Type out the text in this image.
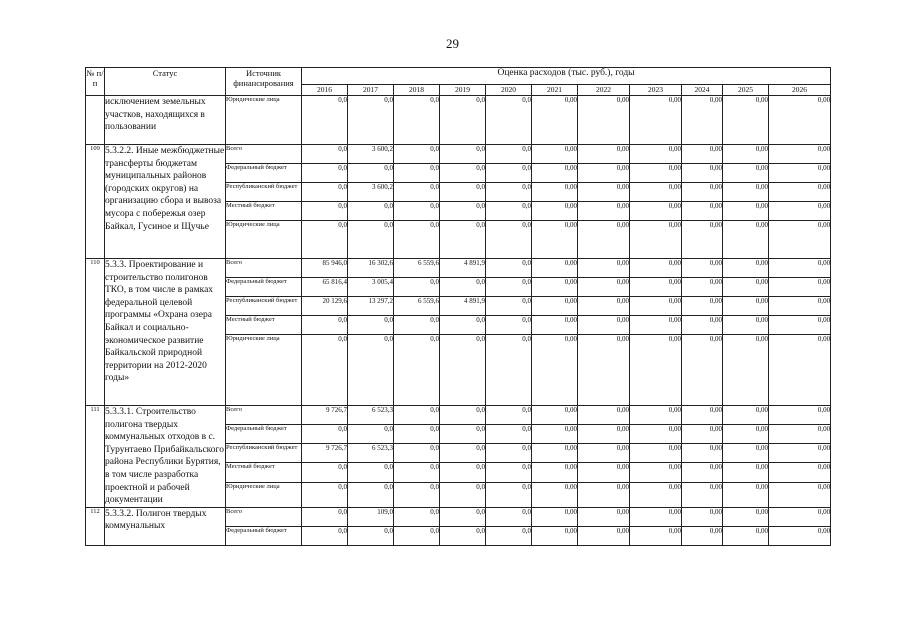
29
№ п/п	Статус	Источник финансирования	Оценка расходов (тыс. руб.), годы										
			2016	2017	2018	2019	2020	2021	2022	2023	2024	2025	2026
	исключением земельных участков, находящихся в пользовании	Юридические лица	0,0	0,0	0,0	0,0	0,0	0,00	0,00	0,00	0,00	0,00	0,00
109	5.3.2.2. Иные межбюджетные трансферты бюджетам муниципальных районов (городских округов) на организацию сбора и вывоза мусора с побережья озер Байкал, Гусиное и Щучье	Всего	0,0	3 600,2	0,0	0,0	0,0	0,00	0,00	0,00	0,00	0,00	0,00
		Федеральный бюджет	0,0	0,0	0,0	0,0	0,0	0,00	0,00	0,00	0,00	0,00	0,00
		Республиканский бюджет	0,0	3 600,2	0,0	0,0	0,0	0,00	0,00	0,00	0,00	0,00	0,00
		Местный бюджет	0,0	0,0	0,0	0,0	0,0	0,00	0,00	0,00	0,00	0,00	0,00
		Юридические лица	0,0	0,0	0,0	0,0	0,0	0,00	0,00	0,00	0,00	0,00	0,00
110	5.3.3. Проектирование и строительство полигонов ТКО, в том числе в рамках федеральной целевой программы «Охрана озера Байкал и социально-экономическое развитие Байкальской природной территории на 2012-2020 годы»	Всего	85 946,0	16 302,6	6 559,6	4 891,9	0,0	0,00	0,00	0,00	0,00	0,00	0,00
		Федеральный бюджет	65 816,4	3 005,4	0,0	0,0	0,0	0,00	0,00	0,00	0,00	0,00	0,00
		Республиканский бюджет	20 129,6	13 297,2	6 559,6	4 891,9	0,0	0,00	0,00	0,00	0,00	0,00	0,00
		Местный бюджет	0,0	0,0	0,0	0,0	0,0	0,00	0,00	0,00	0,00	0,00	0,00
		Юридические лица	0,0	0,0	0,0	0,0	0,0	0,00	0,00	0,00	0,00	0,00	0,00
111	5.3.3.1. Строительство полигона твердых коммунальных отходов в с. Турунтаево Прибайкальского района Республики Бурятия, в том числе разработка проектной и рабочей документации	Всего	9 726,7	6 523,3	0,0	0,0	0,0	0,00	0,00	0,00	0,00	0,00	0,00
		Федеральный бюджет	0,0	0,0	0,0	0,0	0,0	0,00	0,00	0,00	0,00	0,00	0,00
		Республиканский бюджет	9 726,7	6 523,3	0,0	0,0	0,0	0,00	0,00	0,00	0,00	0,00	0,00
		Местный бюджет	0,0	0,0	0,0	0,0	0,0	0,00	0,00	0,00	0,00	0,00	0,00
		Юридические лица	0,0	0,0	0,0	0,0	0,0	0,00	0,00	0,00	0,00	0,00	0,00
112	5.3.3.2. Полигон твердых коммунальных	Всего	0,0	109,0	0,0	0,0	0,0	0,00	0,00	0,00	0,00	0,00	0,00
		Федеральный бюджет	0,0	0,0	0,0	0,0	0,0	0,00	0,00	0,00	0,00	0,00	0,00
